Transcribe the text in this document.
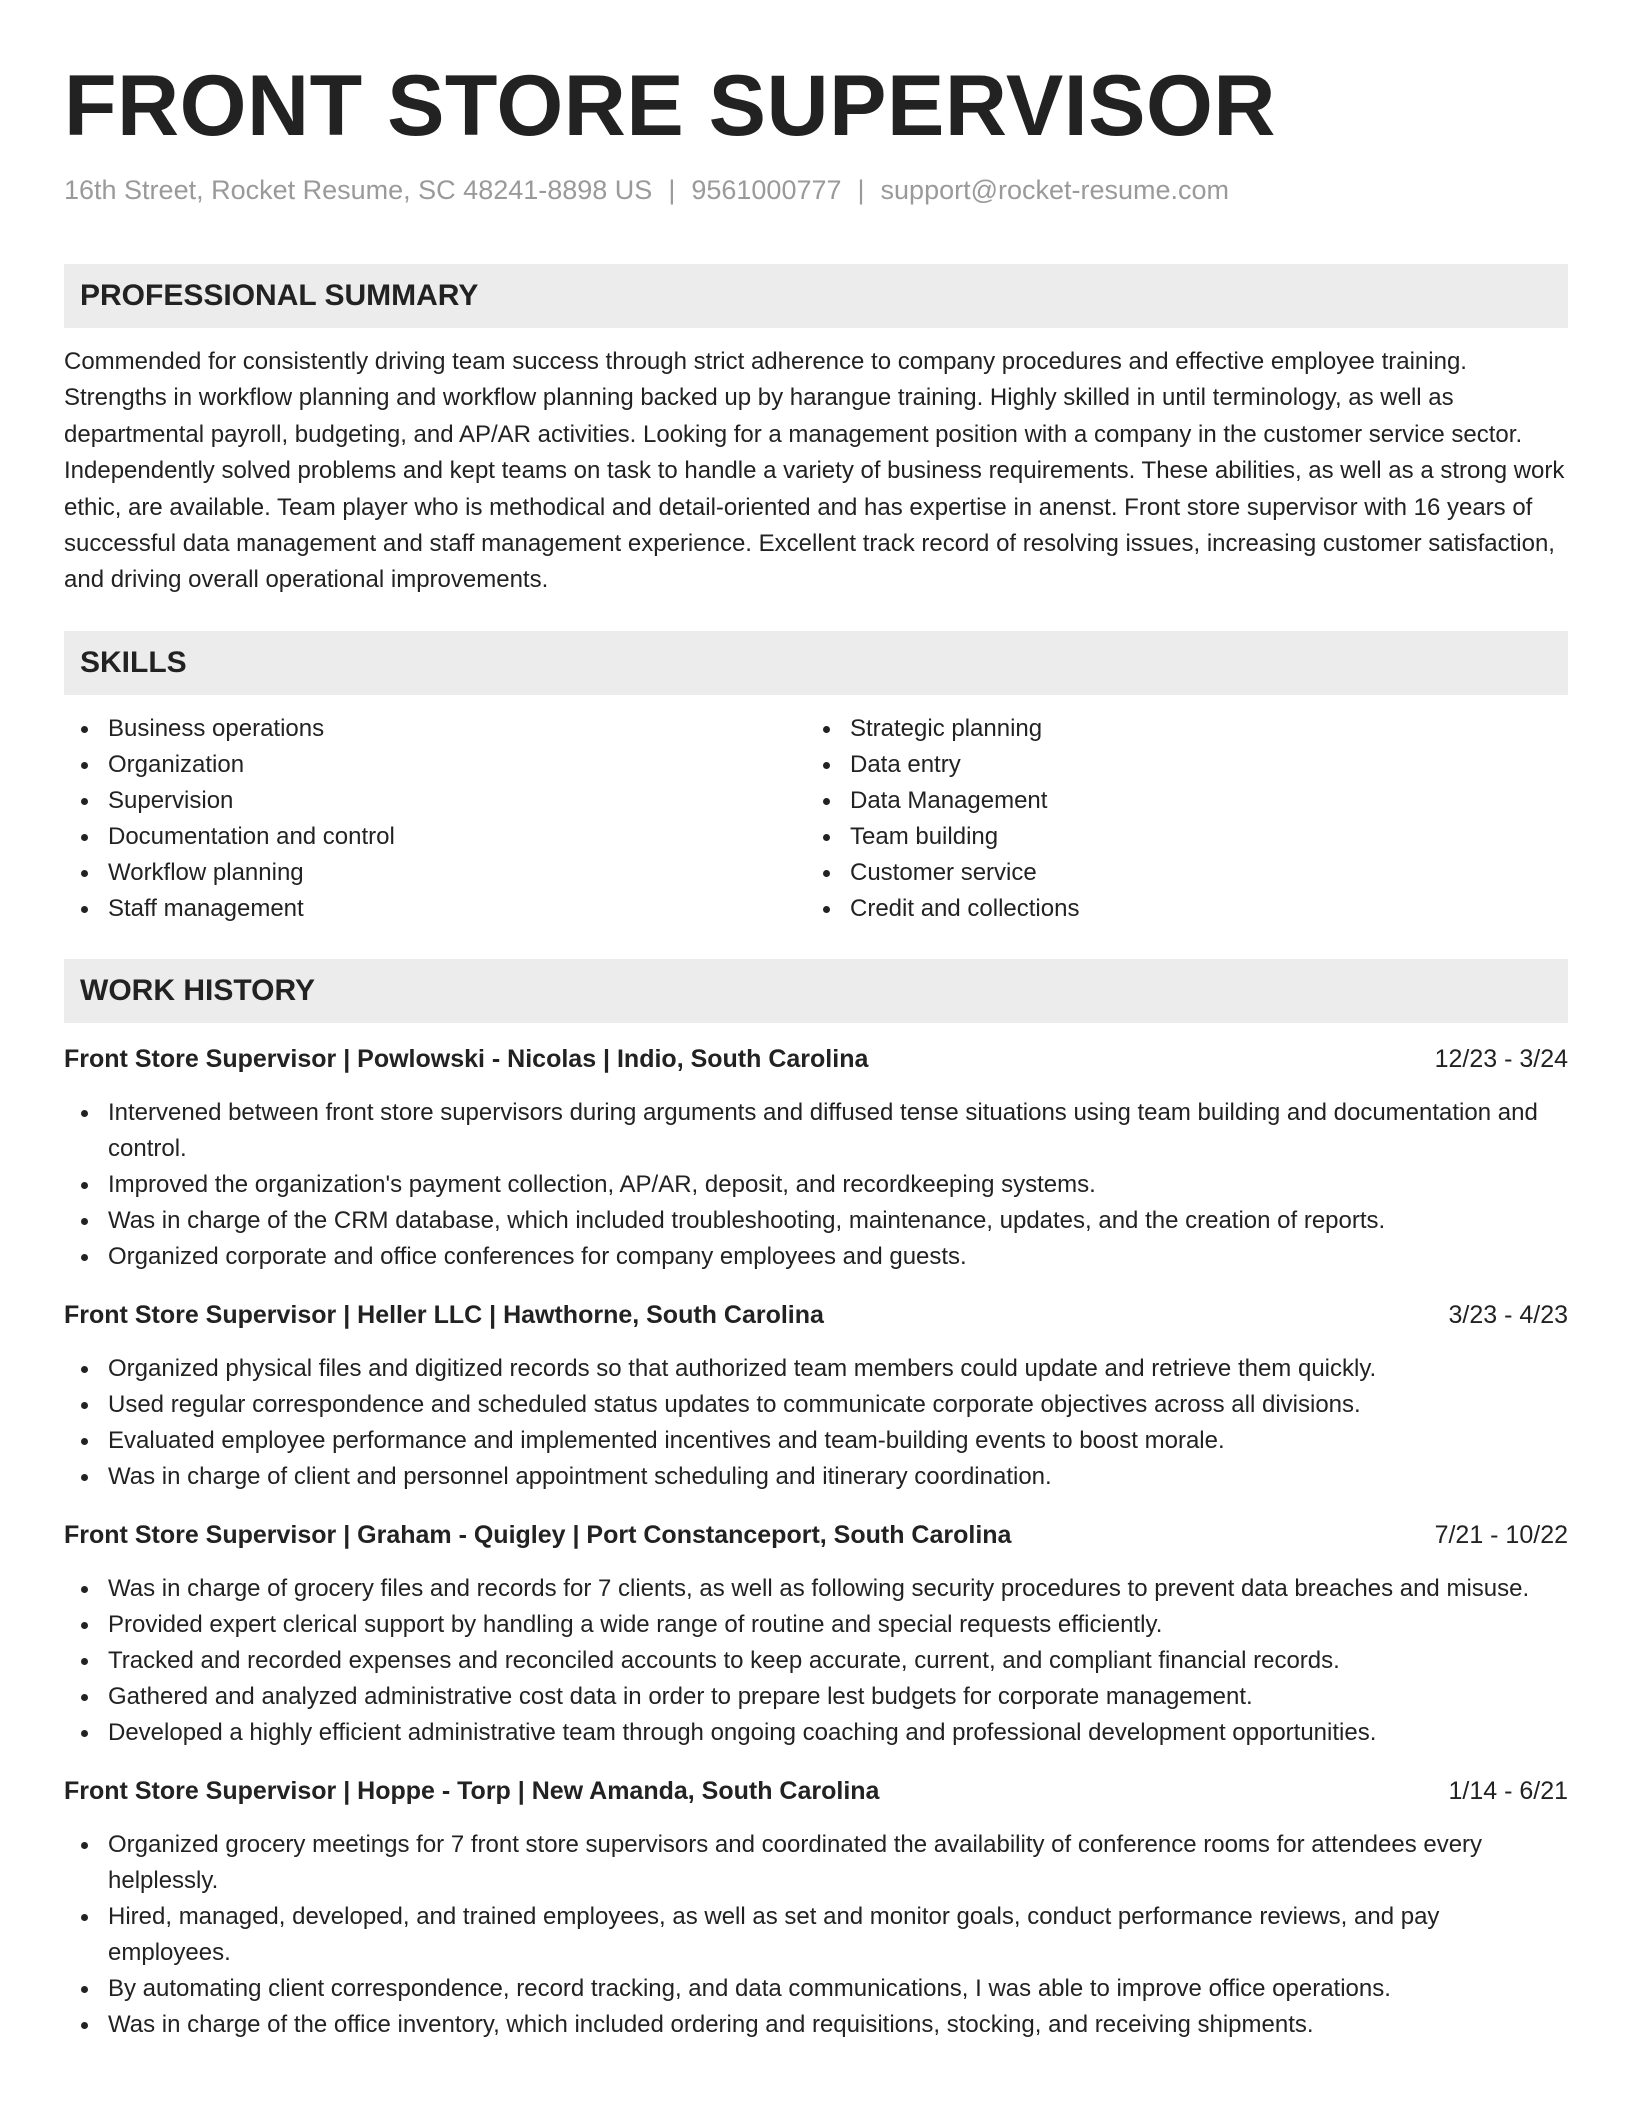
FRONT STORE SUPERVISOR
16th Street, Rocket Resume, SC 48241-8898 US | 9561000777 | support@rocket-resume.com
PROFESSIONAL SUMMARY

Commended for consistently driving team success through strict adherence to company procedures and effective employee training. Strengths in workflow planning and workflow planning backed up by harangue training. Highly skilled in until terminology, as well as departmental payroll, budgeting, and AP/AR activities. Looking for a management position with a company in the customer service sector. Independently solved problems and kept teams on task to handle a variety of business requirements. These abilities, as well as a strong work ethic, are available. Team player who is methodical and detail-oriented and has expertise in anenst. Front store supervisor with 16 years of successful data management and staff management experience. Excellent track record of resolving issues, increasing customer satisfaction, and driving overall operational improvements.

SKILLS
Business operations
Organization
Supervision
Documentation and control
Workflow planning
Staff management
Strategic planning
Data entry
Data Management
Team building
Customer service
Credit and collections
WORK HISTORY
Front Store Supervisor | Powlowski - Nicolas | Indio, South Carolina	12/23 - 3/24
Intervened between front store supervisors during arguments and diffused tense situations using team building and documentation and control.
Improved the organization's payment collection, AP/AR, deposit, and recordkeeping systems.
Was in charge of the CRM database, which included troubleshooting, maintenance, updates, and the creation of reports.
Organized corporate and office conferences for company employees and guests.
Front Store Supervisor | Heller LLC | Hawthorne, South Carolina	3/23 - 4/23
Organized physical files and digitized records so that authorized team members could update and retrieve them quickly.
Used regular correspondence and scheduled status updates to communicate corporate objectives across all divisions.
Evaluated employee performance and implemented incentives and team-building events to boost morale.
Was in charge of client and personnel appointment scheduling and itinerary coordination.
Front Store Supervisor | Graham - Quigley | Port Constanceport, South Carolina	7/21 - 10/22
Was in charge of grocery files and records for 7 clients, as well as following security procedures to prevent data breaches and misuse.
Provided expert clerical support by handling a wide range of routine and special requests efficiently.
Tracked and recorded expenses and reconciled accounts to keep accurate, current, and compliant financial records.
Gathered and analyzed administrative cost data in order to prepare lest budgets for corporate management.
Developed a highly efficient administrative team through ongoing coaching and professional development opportunities.
Front Store Supervisor | Hoppe - Torp | New Amanda, South Carolina	1/14 - 6/21
Organized grocery meetings for 7 front store supervisors and coordinated the availability of conference rooms for attendees every helplessly.
Hired, managed, developed, and trained employees, as well as set and monitor goals, conduct performance reviews, and pay employees.
By automating client correspondence, record tracking, and data communications, I was able to improve office operations.
Was in charge of the office inventory, which included ordering and requisitions, stocking, and receiving shipments.
